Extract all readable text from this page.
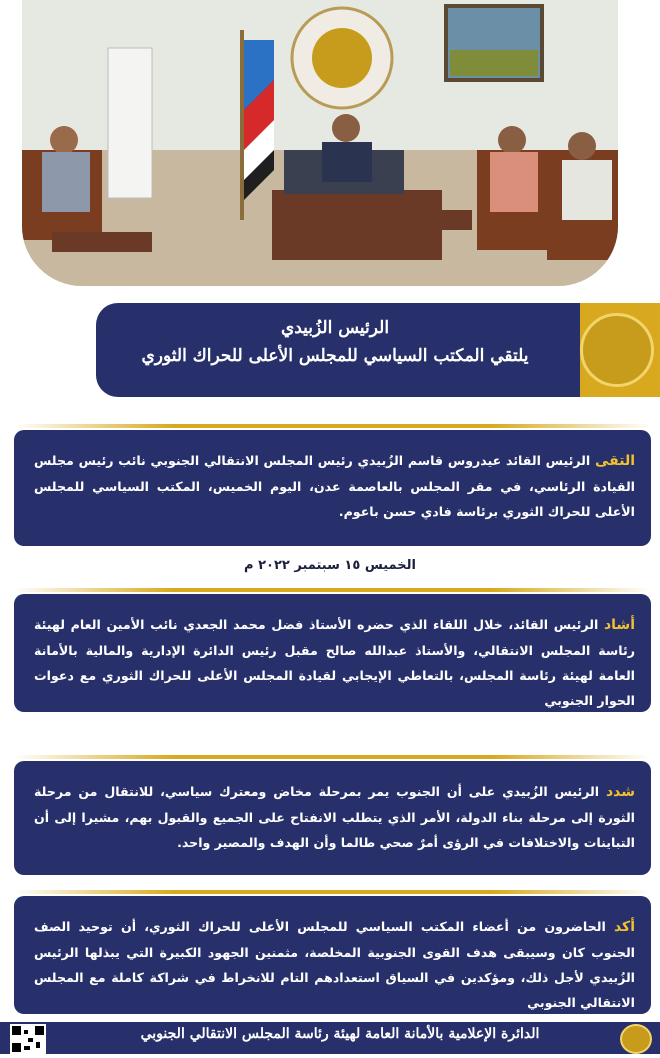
الرئيس الزُبيدي
يلتقي المكتب السياسي للمجلس الأعلى للحراك الثوري
التقى الرئيس القائد عيدروس قاسم الزُبيدي رئيس المجلس الانتقالي الجنوبي نائب رئيس مجلس القيادة الرئاسي، في مقر المجلس بالعاصمة عدن، اليوم الخميس، المكتب السياسي للمجلس الأعلى للحراك الثوري برئاسة فادي حسن باعوم.
الخميس ١٥ سبتمبر ٢٠٢٢ م
أشاد الرئيس القائد، خلال اللقاء الذي حضره الأستاذ فضل محمد الجعدي نائب الأمين العام لهيئة رئاسة المجلس الانتقالي، والأستاذ عبدالله صالح مقبل رئيس الدائرة الإدارية والمالية بالأمانة العامة لهيئة رئاسة المجلس، بالتعاطي الإيجابي لقيادة المجلس الأعلى للحراك الثوري مع دعوات الحوار الجنوبي
شدد الرئيس الزُبيدي على أن الجنوب يمر بمرحلة مخاض ومعترك سياسي، للانتقال من مرحلة الثورة إلى مرحلة بناء الدولة، الأمر الذي يتطلب الانفتاح على الجميع والقبول بهم، مشيرا إلى أن التباينات والاختلافات في الرؤى أمرٌ صحي طالما وأن الهدف والمصير واحد.
أكد الحاضرون من أعضاء المكتب السياسي للمجلس الأعلى للحراك الثوري، أن توحيد الصف الجنوب كان وسيبقى هدف القوى الجنوبية المخلصة، مثمنين الجهود الكبيرة التي يبذلها الرئيس الزُبيدي لأجل ذلك، ومؤكدين في السياق استعدادهم التام للانخراط في شراكة كاملة مع المجلس الانتقالي الجنوبي
الدائرة الإعلامية بالأمانة العامة لهيئة رئاسة المجلس الانتقالي الجنوبي
